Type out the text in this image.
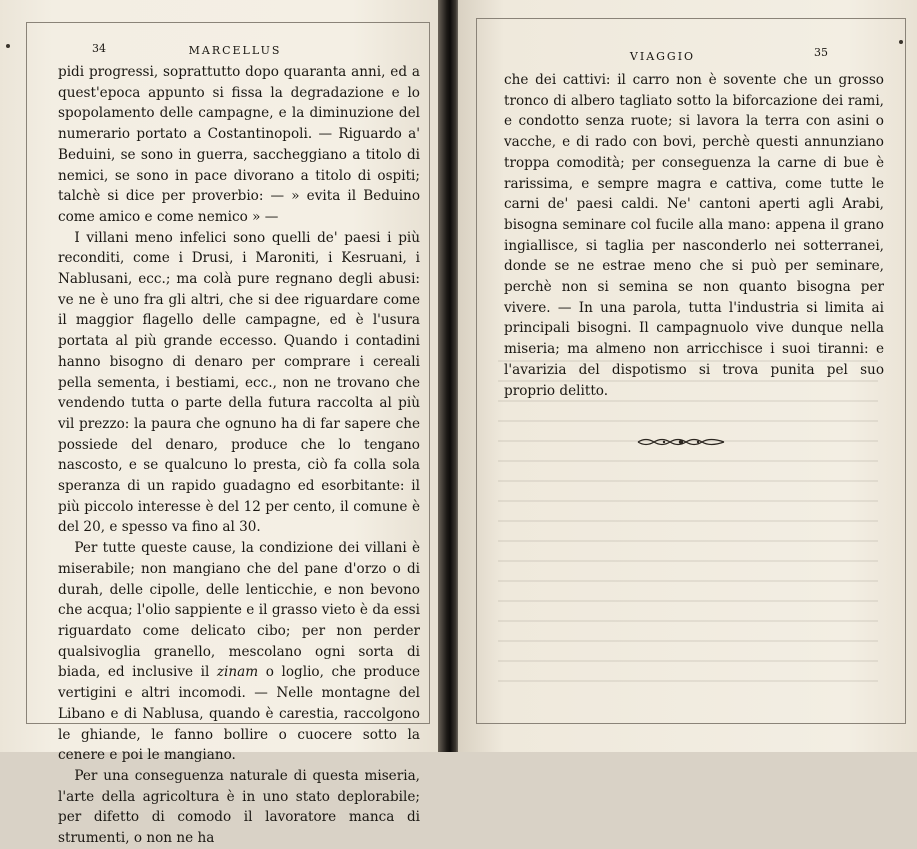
34	MARCELLUS

pidi progressi, soprattutto dopo quaranta anni, ed a quest'epoca appunto si fissa la degradazione e lo spopolamento delle campagne, e la diminuzione del numerario portato a Costantinopoli. — Riguardo a' Beduini, se sono in guerra, saccheggiano a titolo di nemici, se sono in pace divorano a titolo di ospiti; talchè si dice per proverbio: — » evita il Beduino come amico e come nemico » —

I villani meno infelici sono quelli de' paesi i più reconditi, come i Drusi, i Maroniti, i Kesruani, i Nablusani, ecc.; ma colà pure regnano degli abusi: ve ne è uno fra gli altri, che si dee riguardare come il maggior flagello delle campagne, ed è l'usura portata al più grande eccesso. Quando i contadini hanno bisogno di denaro per comprare i cereali pella sementa, i bestiami, ecc., non ne trovano che vendendo tutta o parte della futura raccolta al più vil prezzo: la paura che ognuno ha di far sapere che possiede del denaro, produce che lo tengano nascosto, e se qualcuno lo presta, ciò fa colla sola speranza di un rapido guadagno ed esorbitante: il più piccolo interesse è del 12 per cento, il comune è del 20, e spesso va fino al 30.

Per tutte queste cause, la condizione dei villani è miserabile; non mangiano che del pane d'orzo o di durah, delle cipolle, delle lenticchie, e non bevono che acqua; l'olio sappiente e il grasso vieto è da essi riguardato come delicato cibo; per non perder qualsivoglia granello, mescolano ogni sorta di biada, ed inclusive il zinam o loglio, che produce vertigini e altri incomodi. — Nelle montagne del Libano e di Nablusa, quando è carestia, raccolgono le ghiande, le fanno bollire o cuocere sotto la cenere e poi le mangiano.

Per una conseguenza naturale di questa miseria, l'arte della agricoltura è in uno stato deplorabile; per difetto di comodo il lavoratore manca di strumenti, o non ne ha

VIAGGIO	35

che dei cattivi: il carro non è sovente che un grosso tronco di albero tagliato sotto la biforcazione dei rami, e condotto senza ruote; si lavora la terra con asini o vacche, e di rado con bovi, perchè questi annunziano troppa comodità; per conseguenza la carne di bue è rarissima, e sempre magra e cattiva, come tutte le carni de' paesi caldi. Ne' cantoni aperti agli Arabi, bisogna seminare col fucile alla mano: appena il grano ingiallisce, si taglia per nasconderlo nei sotterranei, donde se ne estrae meno che si può per seminare, perchè non si semina se non quanto bisogna per vivere. — In una parola, tutta l'industria si limita ai principali bisogni. Il campagnuolo vive dunque nella miseria; ma almeno non arricchisce i suoi tiranni: e l'avarizia del dispotismo si trova punita pel suo proprio delitto.
